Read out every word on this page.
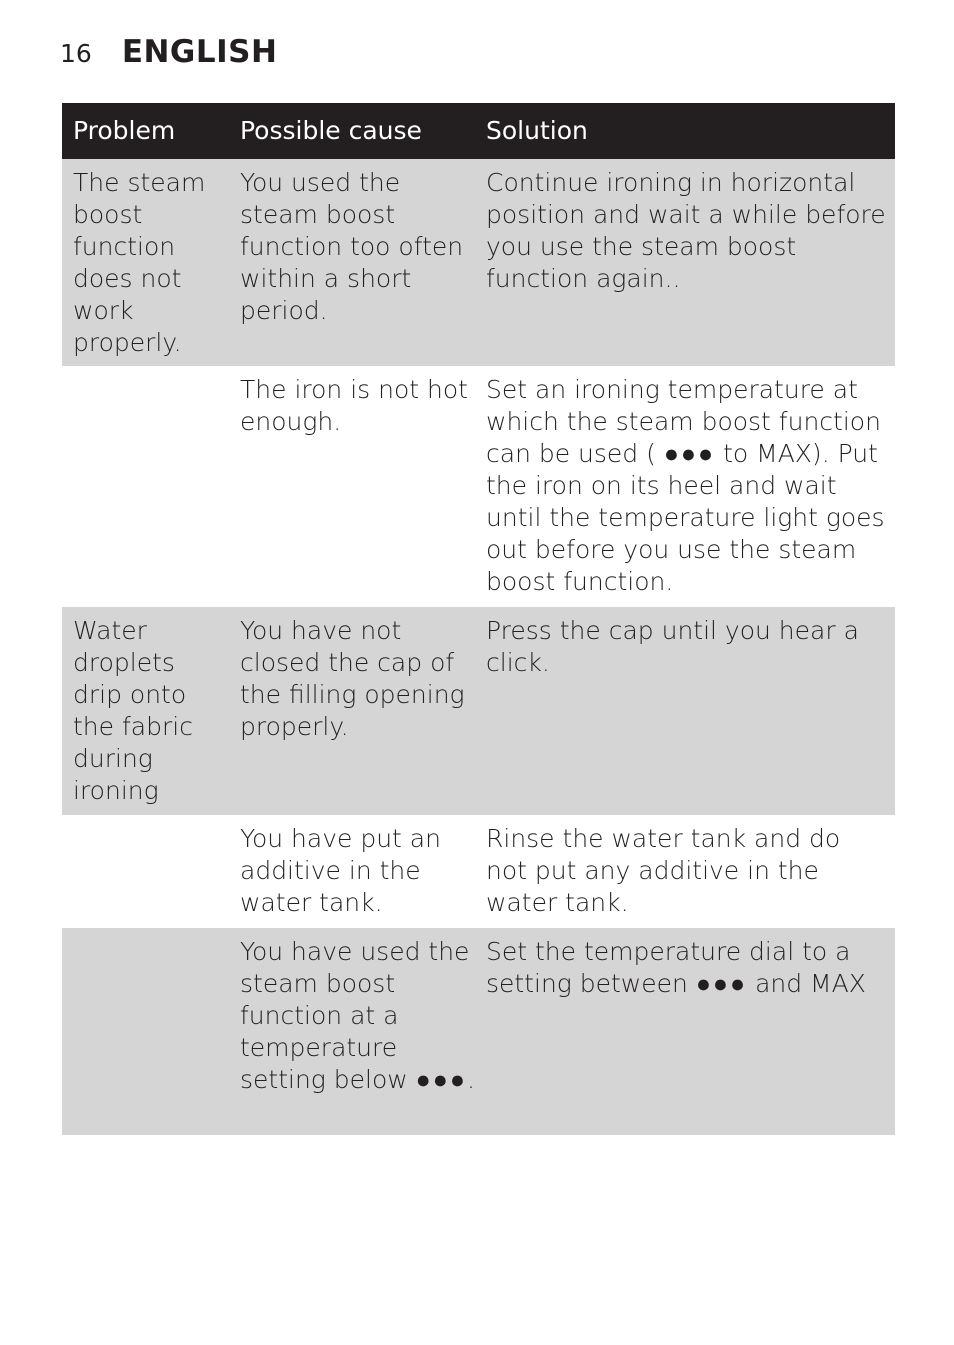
16 ENGLISH
Problem	Possible cause	Solution
The steam boost function does not work properly.
You used the steam boost function too often within a short period.
Continue ironing in horizontal position and wait a while before you use the steam boost function again..
The iron is not hot enough.
Set an ironing temperature at which the steam boost function can be used ( ●●● to MAX). Put the iron on its heel and wait until the temperature light goes out before you use the steam boost function.
Water droplets drip onto the fabric during ironing
You have not closed the cap of the filling opening properly.
Press the cap until you hear a click.
You have put an additive in the water tank.
Rinse the water tank and do not put any additive in the water tank.
You have used the steam boost function at a temperature setting below ●●●.
Set the temperature dial to a setting between ●●● and MAX
